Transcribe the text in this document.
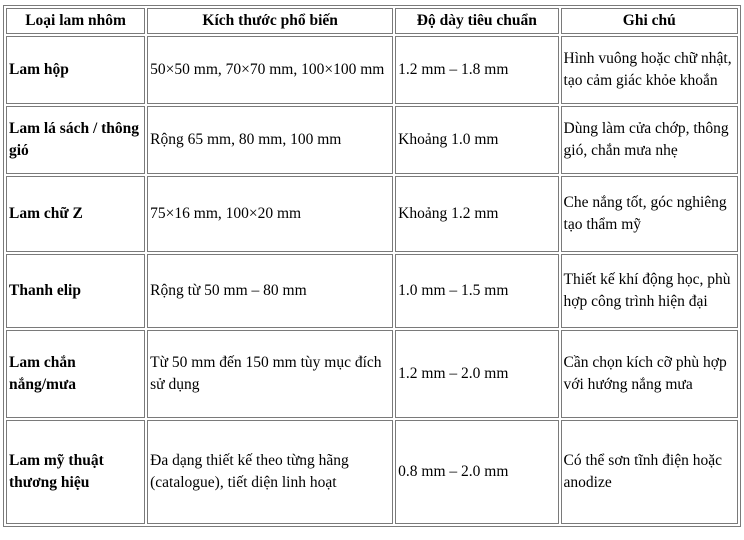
Loại lam nhôm	Kích thước phổ biến	Độ dày tiêu chuẩn	Ghi chú
Lam hộp	50×50 mm, 70×70 mm, 100×100 mm	1.2 mm – 1.8 mm	Hình vuông hoặc chữ nhật, tạo cảm giác khỏe khoắn
Lam lá sách / thông gió	Rộng 65 mm, 80 mm, 100 mm	Khoảng 1.0 mm	Dùng làm cửa chớp, thông gió, chắn mưa nhẹ
Lam chữ Z	75×16 mm, 100×20 mm	Khoảng 1.2 mm	Che nắng tốt, góc nghiêng tạo thẩm mỹ
Thanh elip	Rộng từ 50 mm – 80 mm	1.0 mm – 1.5 mm	Thiết kế khí động học, phù hợp công trình hiện đại
Lam chắn nắng/mưa	Từ 50 mm đến 150 mm tùy mục đích sử dụng	1.2 mm – 2.0 mm	Cần chọn kích cỡ phù hợp với hướng nắng mưa
Lam mỹ thuật thương hiệu	Đa dạng thiết kế theo từng hãng (catalogue), tiết diện linh hoạt	0.8 mm – 2.0 mm	Có thể sơn tĩnh điện hoặc anodize
